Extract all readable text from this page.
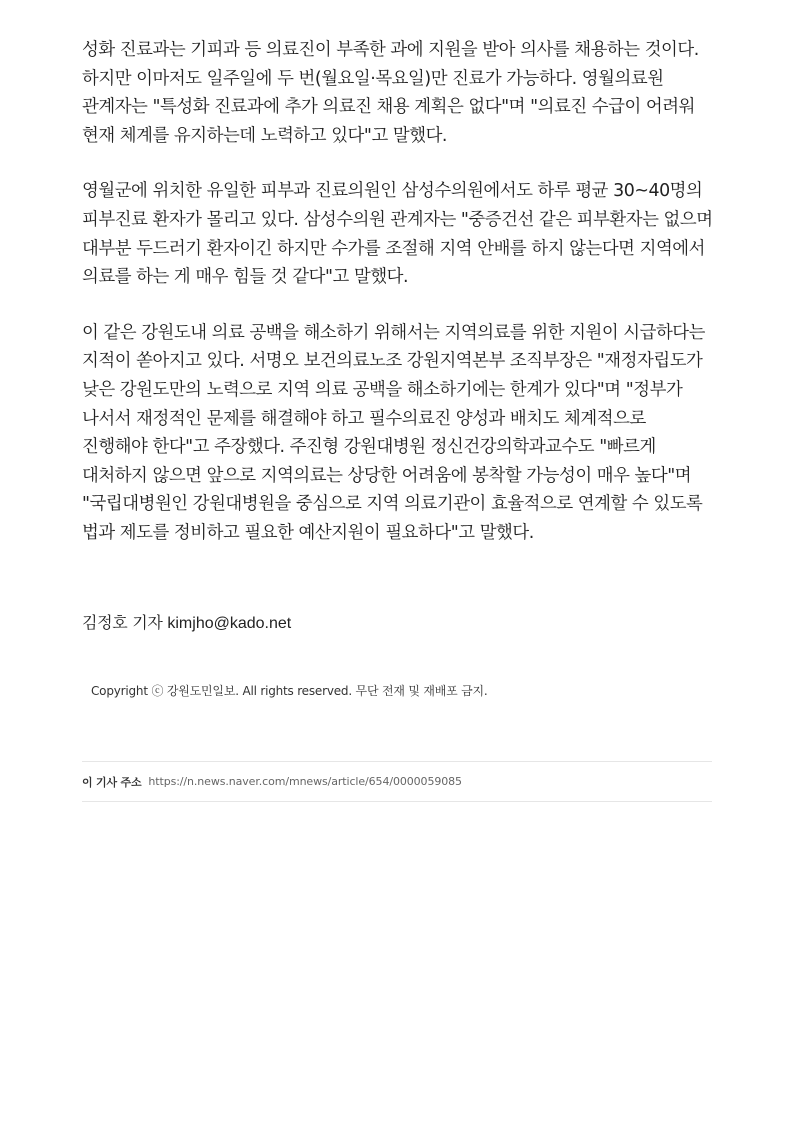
성화 진료과는 기피과 등 의료진이 부족한 과에 지원을 받아 의사를 채용하는 것이다. 하지만 이마저도 일주일에 두 번(월요일·목요일)만 진료가 가능하다. 영월의료원 관계자는 "특성화 진료과에 추가 의료진 채용 계획은 없다"며 "의료진 수급이 어려워 현재 체계를 유지하는데 노력하고 있다"고 말했다.

영월군에 위치한 유일한 피부과 진료의원인 삼성수의원에서도 하루 평균 30~40명의 피부진료 환자가 몰리고 있다. 삼성수의원 관계자는 "중증건선 같은 피부환자는 없으며 대부분 두드러기 환자이긴 하지만 수가를 조절해 지역 안배를 하지 않는다면 지역에서 의료를 하는 게 매우 힘들 것 같다"고 말했다.

이 같은 강원도내 의료 공백을 해소하기 위해서는 지역의료를 위한 지원이 시급하다는 지적이 쏟아지고 있다. 서명오 보건의료노조 강원지역본부 조직부장은 "재정자립도가 낮은 강원도만의 노력으로 지역 의료 공백을 해소하기에는 한계가 있다"며 "정부가 나서서 재정적인 문제를 해결해야 하고 필수의료진 양성과 배치도 체계적으로 진행해야 한다"고 주장했다. 주진형 강원대병원 정신건강의학과교수도 "빠르게 대처하지 않으면 앞으로 지역의료는 상당한 어려움에 봉착할 가능성이 매우 높다"며 "국립대병원인 강원대병원을 중심으로 지역 의료기관이 효율적으로 연계할 수 있도록 법과 제도를 정비하고 필요한 예산지원이 필요하다"고 말했다.

김정호 기자 kimjho@kado.net
Copyright ⓒ 강원도민일보. All rights reserved. 무단 전재 및 재배포 금지.
이 기사 주소 https://n.news.naver.com/mnews/article/654/0000059085
